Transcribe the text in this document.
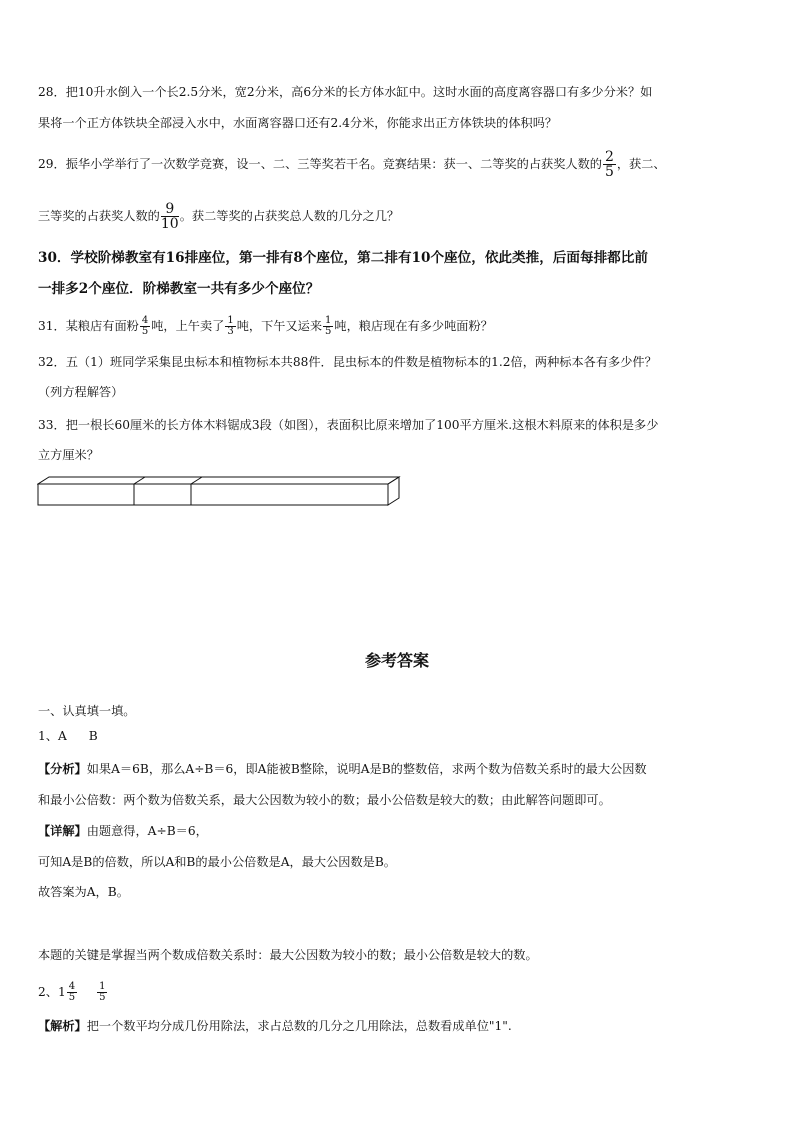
28．把10升水倒入一个长2.5分米，宽2分米，高6分米的长方体水缸中。这时水面的高度离容器口有多少分米？如
果将一个正方体铁块全部浸入水中，水面离容器口还有2.4分米，你能求出正方体铁块的体积吗？
29．振华小学举行了一次数学竞赛，设一、二、三等奖若干名。竞赛结果：获一、二等奖的占获奖人数的 $\frac{2}{5}$ ，获二、
三等奖的占获奖人数的 $\frac{9}{10}$ 。获二等奖的占获奖总人数的几分之几？
30．学校阶梯教室有16排座位，第一排有8个座位，第二排有10个座位，依此类推，后面每排都比前
一排多2个座位．阶梯教室一共有多少个座位？
31．某粮店有面粉 $\frac{4}{5}$ 吨，上午卖了 $\frac{1}{3}$ 吨，下午又运来 $\frac{1}{5}$ 吨，粮店现在有多少吨面粉？
32．五（1）班同学采集昆虫标本和植物标本共88件．昆虫标本的件数是植物标本的1.2倍，两种标本各有多少件？
（列方程解答）
33．把一根长60厘米的长方体木料锯成3段（如图），表面积比原来增加了100平方厘米.这根木料原来的体积是多少
立方厘米？
参考答案
一、认真填一填。
1、A B
【分析】如果A＝6B，那么A÷B＝6，即A能被B整除，说明A是B的整数倍，求两个数为倍数关系时的最大公因数
和最小公倍数：两个数为倍数关系，最大公因数为较小的数；最小公倍数是较大的数；由此解答问题即可。
【详解】由题意得，A÷B＝6，
可知A是B的倍数，所以A和B的最小公倍数是A，最大公因数是B。
故答案为A，B。
本题的关键是掌握当两个数成倍数关系时：最大公因数为较小的数；最小公倍数是较大的数。
2、$1 \frac{4}{5} \frac{1}{5}$
【解析】把一个数平均分成几份用除法，求占总数的几分之几用除法，总数看成单位"1".
